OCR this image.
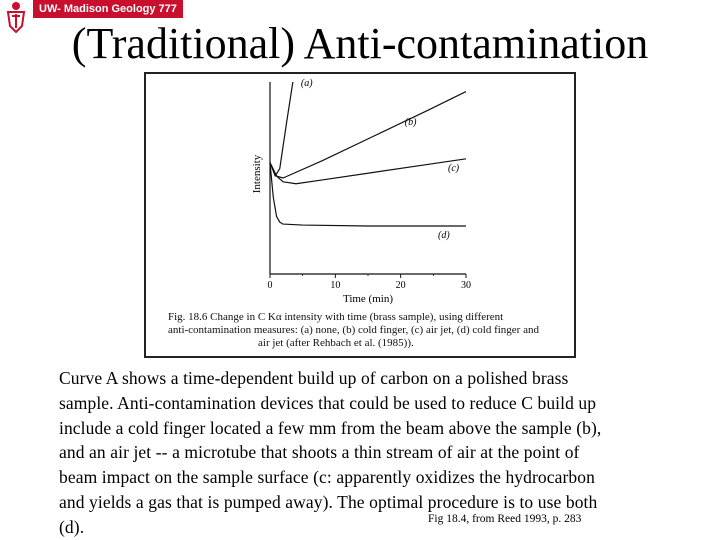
UW- Madison Geology 777
(Traditional) Anti-contamination
0	10	20	30
(a)
(b)
(c)
(d)
Intensity
Time (min)
Fig. 18.6 Change in C Kα intensity with time (brass sample), using different
anti-contamination measures: (a) none, (b) cold finger, (c) air jet, (d) cold finger and
air jet (after Rehbach et al. (1985)).
Curve A shows a time-dependent build up of carbon on a polished brass
sample. Anti-contamination devices that could be used to reduce C build up
include a cold finger located a few mm from the beam above the sample (b),
and an air jet -- a microtube that shoots a thin stream of air at the point of
beam impact on the sample surface (c: apparently oxidizes the hydrocarbon
and yields a gas that is pumped away). The optimal procedure is to use both
(d).	Fig 18.4, from Reed 1993, p. 283
